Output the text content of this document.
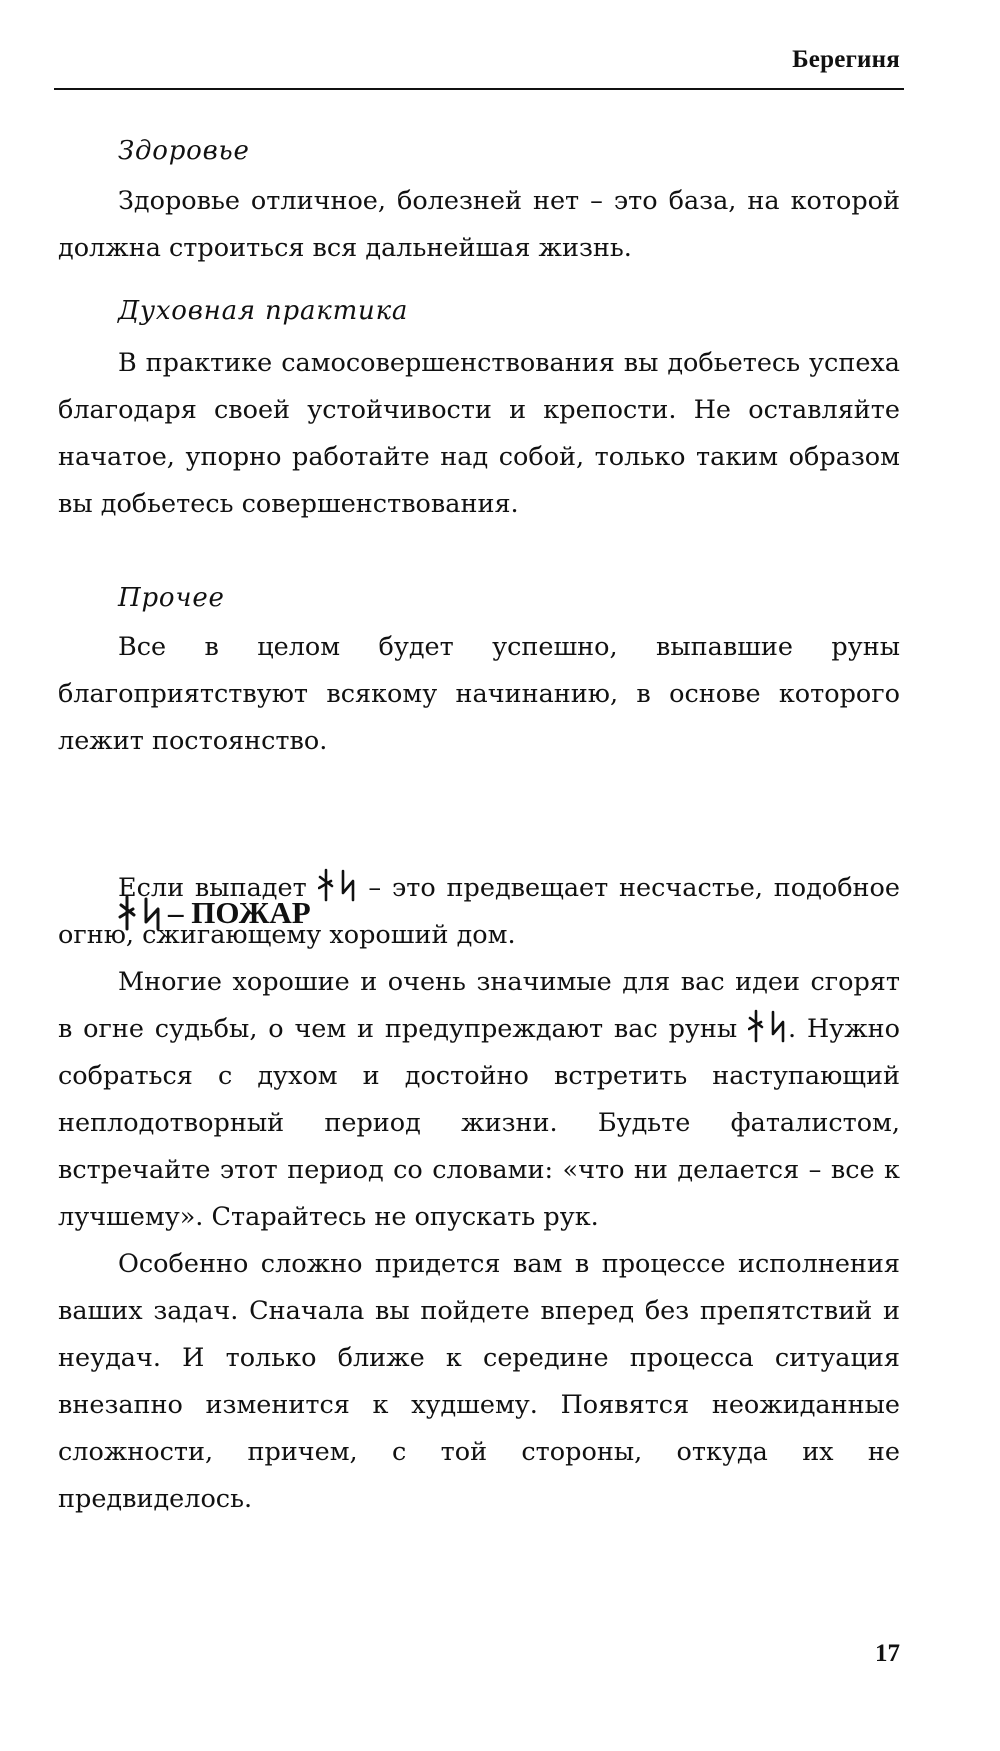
Берегиня
Здоровье

Здоровье отличное, болезней нет – это база, на которой должна строиться вся дальнейшая жизнь.

Духовная практика

В практике самосовершенствования вы добьетесь успеха благодаря своей устойчивости и крепости. Не оставляйте начатое, упорно работайте над собой, только таким образом вы добьетесь совершенствования.

Прочее

Все в целом будет успешно, выпавшие руны благоприятствуют всякому начинанию, в основе которого лежит постоянство.

– ПОЖАР

Если выпадет
– это предвещает несчастье, подобное огню, сжигающему хороший дом.

Многие хорошие и очень значимые для вас идеи сгорят в огне судьбы, о чем и предупреждают вас руны
. Нужно собраться с духом и достойно встретить наступающий неплодотворный период жизни. Будьте фаталистом, встречайте этот период со словами: «что ни делается – все к лучшему». Старайтесь не опускать рук.

Особенно сложно придется вам в процессе исполнения ваших задач. Сначала вы пойдете вперед без препятствий и неудач. И только ближе к середине процесса ситуация внезапно изменится к худшему. Появятся неожиданные сложности, причем, с той стороны, откуда их не предвиделось.

17
